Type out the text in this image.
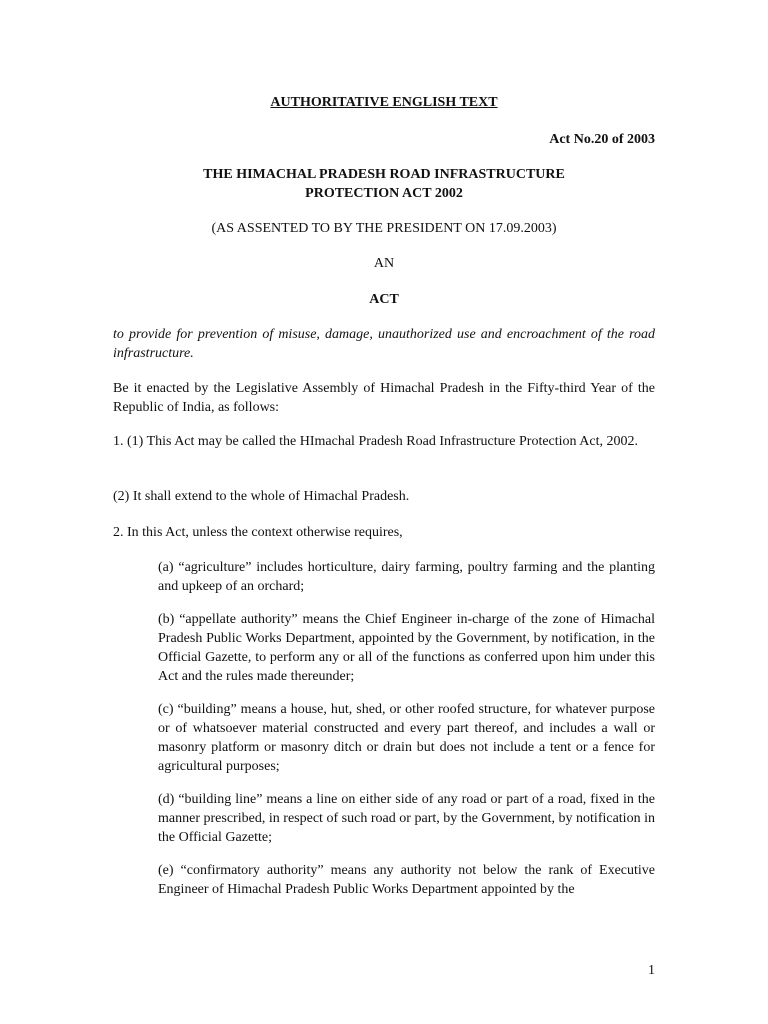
AUTHORITATIVE ENGLISH TEXT

Act No.20 of 2003

THE HIMACHAL PRADESH ROAD INFRASTRUCTURE

PROTECTION ACT 2002

(AS ASSENTED TO BY THE PRESIDENT ON 17.09.2003)

AN

ACT

to provide for prevention of misuse, damage, unauthorized use and encroachment of the road infrastructure.

Be it enacted by the Legislative Assembly of Himachal Pradesh in the Fifty-third Year of the Republic of India, as follows:

1. (1) This Act may be called the HImachal Pradesh Road Infrastructure Protection Act, 2002.

(2) It shall extend to the whole of Himachal Pradesh.

2. In this Act, unless the context otherwise requires,

(a) “agriculture” includes horticulture, dairy farming, poultry farming and the planting and upkeep of an orchard;

(b) “appellate authority” means the Chief Engineer in-charge of the zone of Himachal Pradesh Public Works Department, appointed by the Government, by notification, in the Official Gazette, to perform any or all of the functions as conferred upon him under this Act and the rules made thereunder;

(c) “building” means a house, hut, shed, or other roofed structure, for whatever purpose or of whatsoever material constructed and every part thereof, and includes a wall or masonry platform or masonry ditch or drain but does not include a tent or a fence for agricultural purposes;

(d) “building line” means a line on either side of any road or part of a road, fixed in the manner prescribed, in respect of such road or part, by the Government, by notification in the Official Gazette;

(e) “confirmatory authority” means any authority not below the rank of Executive Engineer of Himachal Pradesh Public Works Department appointed by the

1
